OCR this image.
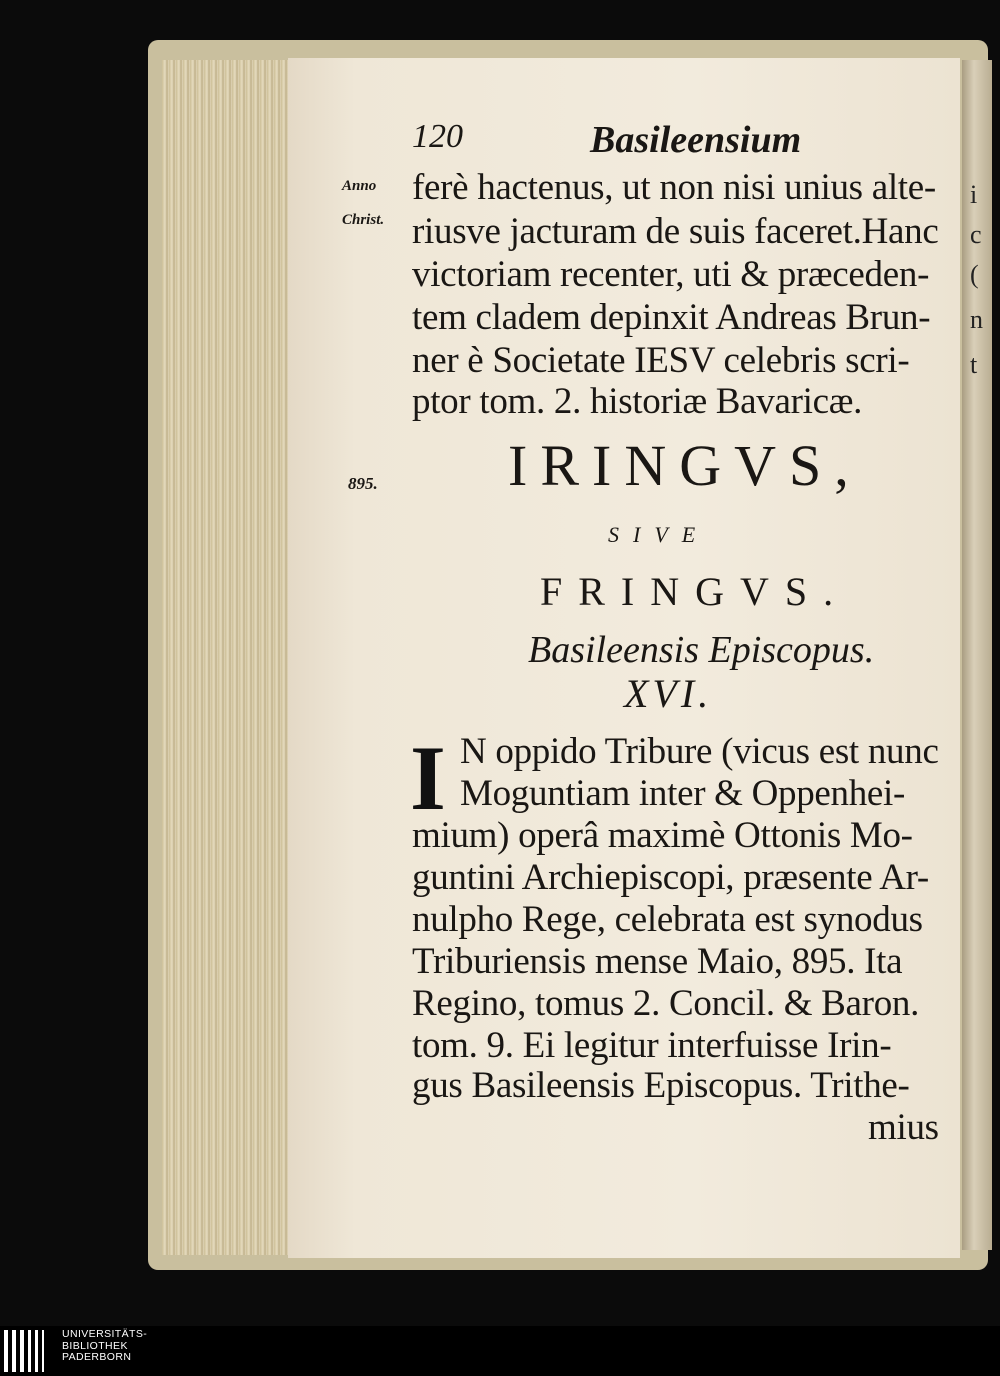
i
c
(
n
t
120	Basileensium
Anno
Christ.
895.
ferè hactenus, ut non nisi unius alte-
riusve jacturam de suis faceret.Hanc
victoriam recenter, uti & præceden-
tem cladem depinxit Andreas Brun-
ner è Societate IESV celebris scri-
ptor tom. 2. historiæ Bavaricæ.
IRINGVS,
SIVE
FRINGVS.
Basileensis Episcopus.
XVI.
I N oppido Tribure (vicus est nunc
Moguntiam inter & Oppenhei-
mium) operâ maximè Ottonis Mo-
guntini Archiepiscopi, præsente Ar-
nulpho Rege, celebrata est synodus
Triburiensis mense Maio, 895. Ita
Regino, tomus 2. Concil. & Baron.
tom. 9. Ei legitur interfuisse Irin-
gus Basileensis Episcopus. Trithe-
mius
UNIVERSITÄTS-
BIBLIOTHEK
PADERBORN
